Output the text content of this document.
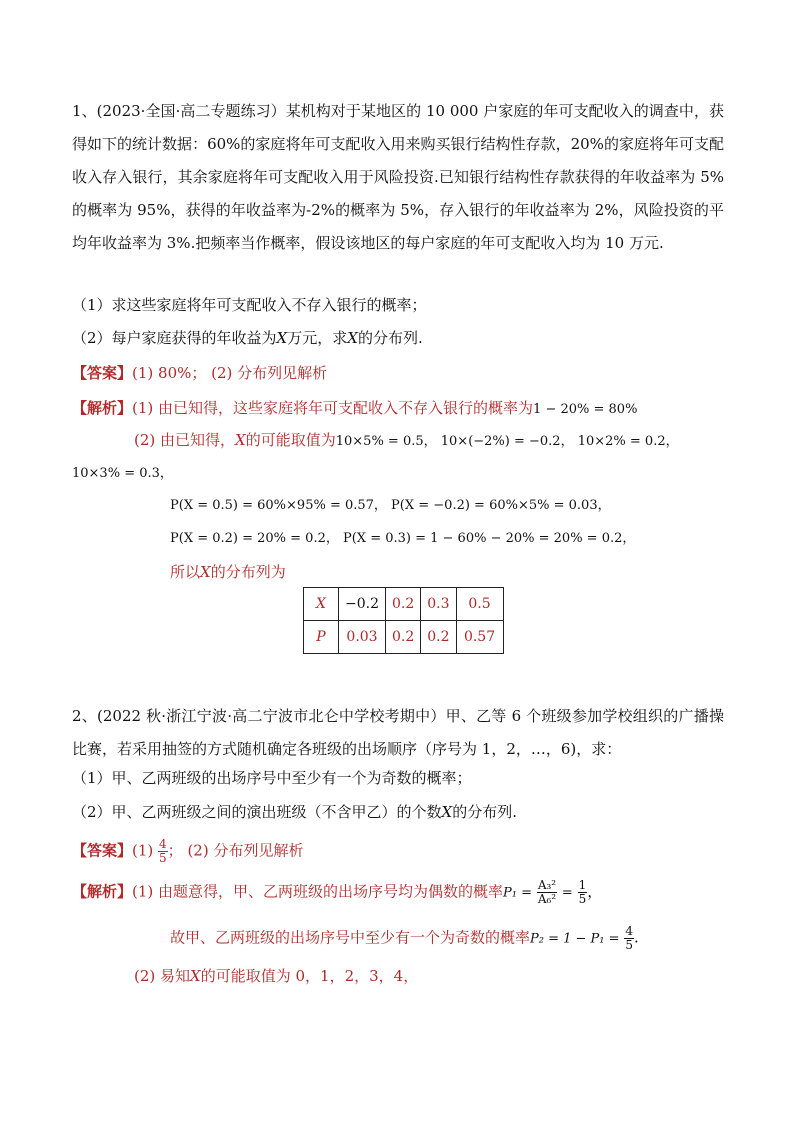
1、(2023·全国·高二专题练习）某机构对于某地区的 10 000 户家庭的年可支配收入的调查中，获得如下的统计数据：60%的家庭将年可支配收入用来购买银行结构性存款，20%的家庭将年可支配收入存入银行，其余家庭将年可支配收入用于风险投资.已知银行结构性存款获得的年收益率为 5%的概率为 95%，获得的年收益率为-2%的概率为 5%，存入银行的年收益率为 2%，风险投资的平均年收益率为 3%.把频率当作概率，假设该地区的每户家庭的年可支配收入均为 10 万元.
（1）求这些家庭将年可支配收入不存入银行的概率；
（2）每户家庭获得的年收益为X万元，求X的分布列.
【答案】(1) 80%； (2) 分布列见解析
【解析】(1) 由已知得，这些家庭将年可支配收入不存入银行的概率为1 − 20% = 80%
(2) 由已知得，X的可能取值为10×5% = 0.5， 10×(−2%) = −0.2， 10×2% = 0.2，
10×3% = 0.3，
P(X = 0.5) = 60%×95% = 0.57， P(X = −0.2) = 60%×5% = 0.03，
P(X = 0.2) = 20% = 0.2， P(X = 0.3) = 1 − 60% − 20% = 20% = 0.2，
所以X的分布列为
X	−0.2	0.2	0.3	0.5
P	0.03	0.2	0.2	0.57
2、(2022 秋·浙江宁波·高二宁波市北仑中学校考期中）甲、乙等 6 个班级参加学校组织的广播操比赛，若采用抽签的方式随机确定各班级的出场顺序（序号为 1，2，…，6)，求：
（1）甲、乙两班级的出场序号中至少有一个为奇数的概率；
（2）甲、乙两班级之间的演出班级（不含甲乙）的个数X的分布列.
【答案】$(1) \frac{4}{5}$ ； (2) 分布列见解析
【解析】(1) 由题意得，甲、乙两班级的出场序号均为偶数的概率$P_1 = \frac{\text{A₃²}}{\text{A₆²}} = \frac{1}{5}$ ，
故甲、乙两班级的出场序号中至少有一个为奇数的概率$P_2 = 1 - P_1 = \frac{4}{5}$ .
(2) 易知X的可能取值为 0，1，2，3，4，
